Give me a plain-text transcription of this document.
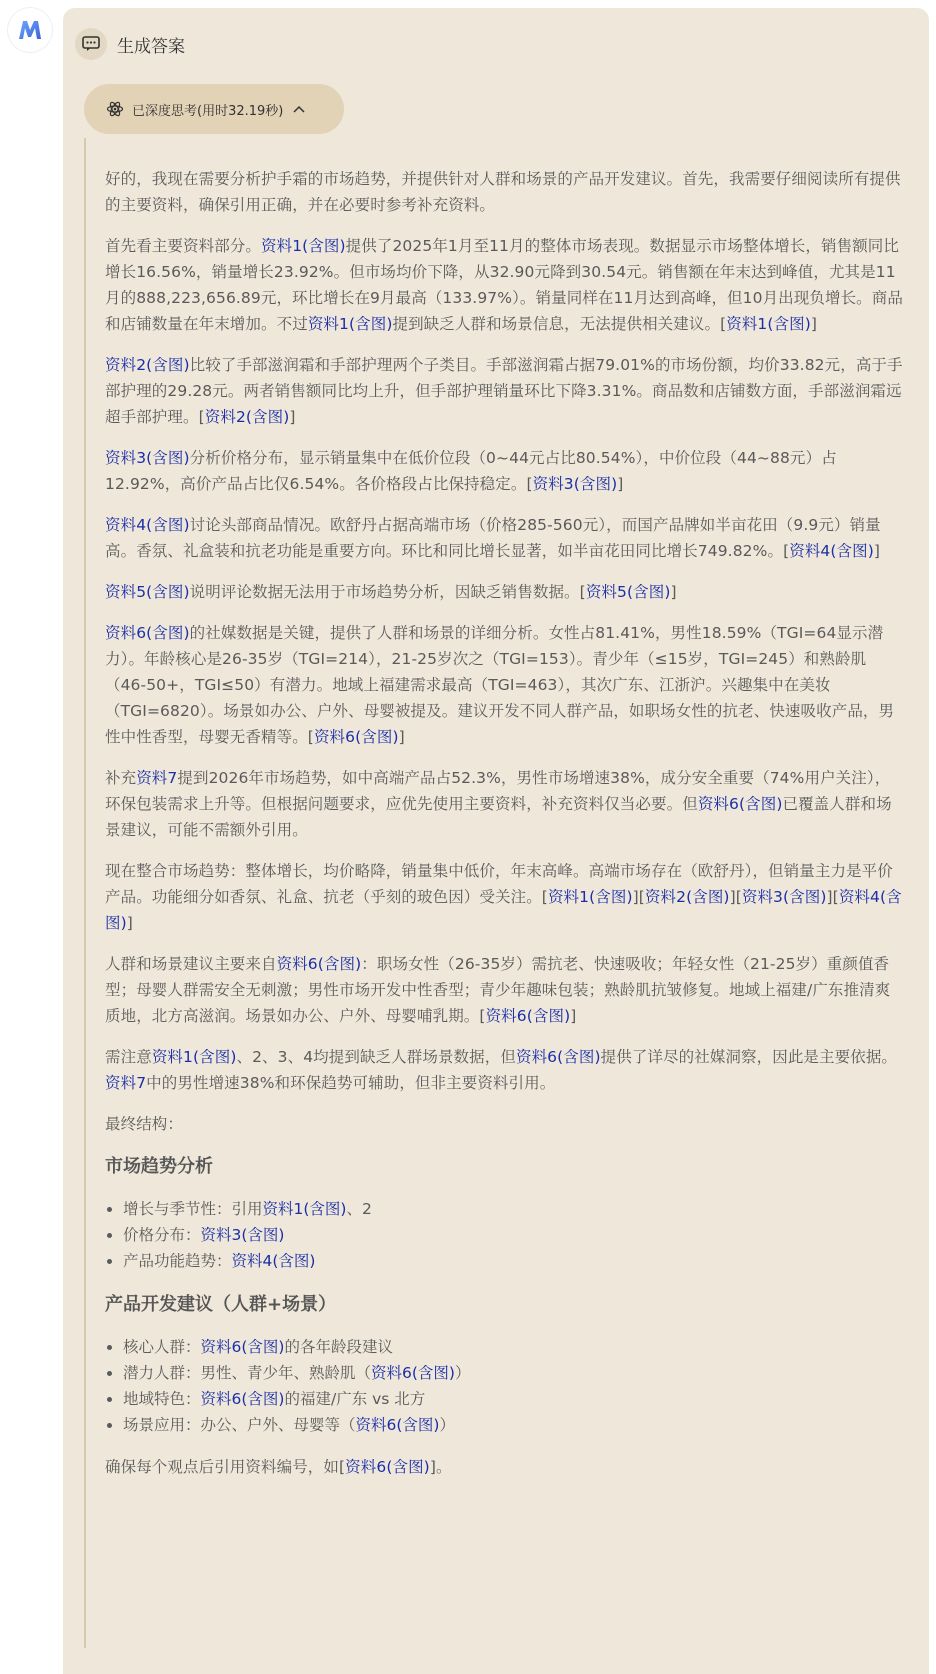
生成答案
已深度思考(用时32.19秒)

好的，我现在需要分析护手霜的市场趋势，并提供针对人群和场景的产品开发建议。首先，我需要仔细阅读所有提供的主要资料，确保引用正确，并在必要时参考补充资料。

首先看主要资料部分。资料1(含图)提供了2025年1月至11月的整体市场表现。数据显示市场整体增长，销售额同比增长16.56%，销量增长23.92%。但市场均价下降，从32.90元降到30.54元。销售额在年末达到峰值，尤其是11月的888,223,656.89元，环比增长在9月最高（133.97%）。销量同样在11月达到高峰，但10月出现负增长。商品和店铺数量在年末增加。不过资料1(含图)提到缺乏人群和场景信息，无法提供相关建议。[资料1(含图)]

资料2(含图)比较了手部滋润霜和手部护理两个子类目。手部滋润霜占据79.01%的市场份额，均价33.82元，高于手部护理的29.28元。两者销售额同比均上升，但手部护理销量环比下降3.31%。商品数和店铺数方面，手部滋润霜远超手部护理。[资料2(含图)]

资料3(含图)分析价格分布，显示销量集中在低价位段（0~44元占比80.54%），中价位段（44~88元）占12.92%，高价产品占比仅6.54%。各价格段占比保持稳定。[资料3(含图)]

资料4(含图)讨论头部商品情况。欧舒丹占据高端市场（价格285-560元），而国产品牌如半亩花田（9.9元）销量高。香氛、礼盒装和抗老功能是重要方向。环比和同比增长显著，如半亩花田同比增长749.82%。[资料4(含图)]

资料5(含图)说明评论数据无法用于市场趋势分析，因缺乏销售数据。[资料5(含图)]

资料6(含图)的社媒数据是关键，提供了人群和场景的详细分析。女性占81.41%，男性18.59%（TGI=64显示潜力）。年龄核心是26-35岁（TGI=214），21-25岁次之（TGI=153）。青少年（≤15岁，TGI=245）和熟龄肌（46-50+，TGI≤50）有潜力。地域上福建需求最高（TGI=463），其次广东、江浙沪。兴趣集中在美妆（TGI=6820）。场景如办公、户外、母婴被提及。建议开发不同人群产品，如职场女性的抗老、快速吸收产品，男性中性香型，母婴无香精等。[资料6(含图)]

补充资料7提到2026年市场趋势，如中高端产品占52.3%，男性市场增速38%，成分安全重要（74%用户关注），环保包装需求上升等。但根据问题要求，应优先使用主要资料，补充资料仅当必要。但资料6(含图)已覆盖人群和场景建议，可能不需额外引用。

现在整合市场趋势：整体增长，均价略降，销量集中低价，年末高峰。高端市场存在（欧舒丹），但销量主力是平价产品。功能细分如香氛、礼盒、抗老（乎刻的玻色因）受关注。[资料1(含图)][资料2(含图)][资料3(含图)][资料4(含图)]

人群和场景建议主要来自资料6(含图)：职场女性（26-35岁）需抗老、快速吸收；年轻女性（21-25岁）重颜值香型；母婴人群需安全无刺激；男性市场开发中性香型；青少年趣味包装；熟龄肌抗皱修复。地域上福建/广东推清爽质地，北方高滋润。场景如办公、户外、母婴哺乳期。[资料6(含图)]

需注意资料1(含图)、2、3、4均提到缺乏人群场景数据，但资料6(含图)提供了详尽的社媒洞察，因此是主要依据。资料7中的男性增速38%和环保趋势可辅助，但非主要资料引用。

最终结构：

市场趋势分析
• 增长与季节性：引用资料1(含图)、2
• 价格分布：资料3(含图)
• 产品功能趋势：资料4(含图)
产品开发建议（人群+场景）
• 核心人群：资料6(含图)的各年龄段建议
• 潜力人群：男性、青少年、熟龄肌（资料6(含图)）
• 地域特色：资料6(含图)的福建/广东 vs 北方
• 场景应用：办公、户外、母婴等（资料6(含图)）

确保每个观点后引用资料编号，如[资料6(含图)]。
